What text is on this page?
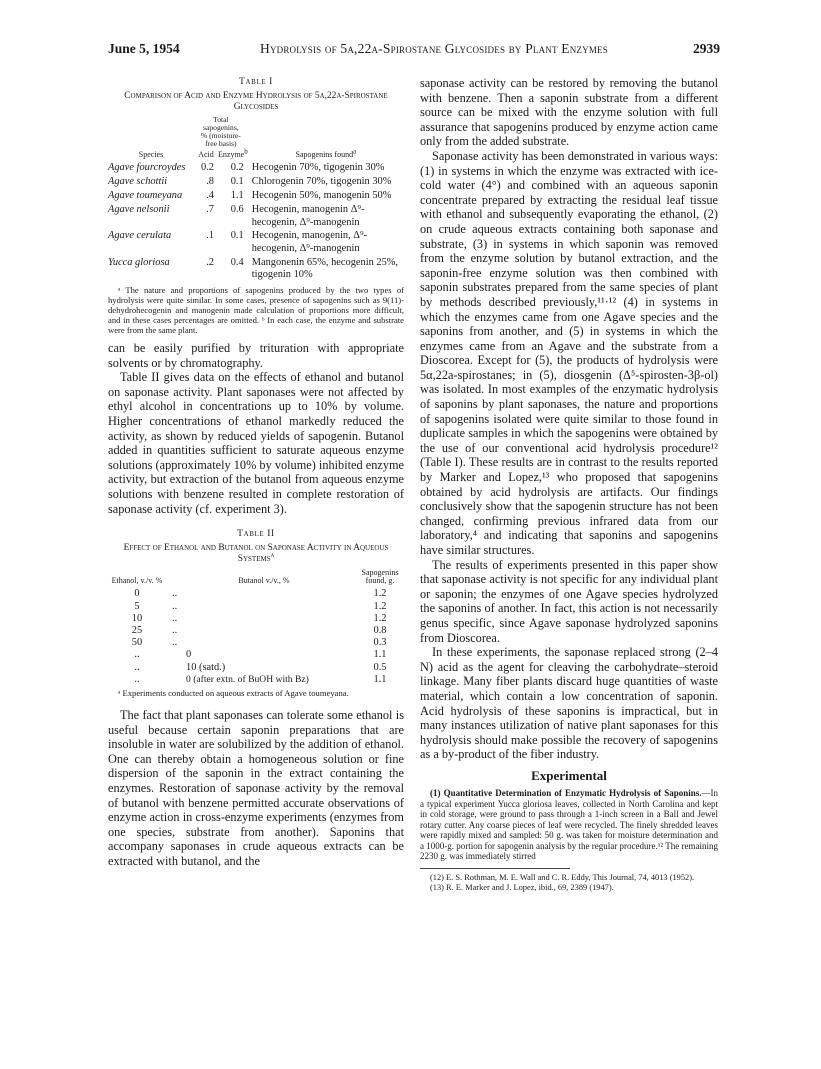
June 5, 1954	Hydrolysis of 5α,22a-Spirostane Glycosides by Plant Enzymes	2939
Table I
Comparison of Acid and Enzyme Hydrolysis of 5α,22a-Spirostane Glycosides
	Total sapogenins, % (moisture-free basis)		
Species	Acid	Enzyme$^b$	Sapogenins found$^a$

Agave fourcroydes	0.2	0.2	Hecogenin 70%, tigogenin 30%
Agave schottii	.8	0.1	Chlorogenin 70%, tigogenin 30%
Agave toumeyana	.4	1.1	Hecogenin 50%, manogenin 50%
Agave nelsonii	.7	0.6	Hecogenin, manogenin Δ⁹-hecogenin, Δ⁹-manogenin
Agave cerulata	.1	0.1	Hecogenin, manogenin, Δ⁹-hecogenin, Δ⁹-manogenin
Yucca gloriosa	.2	0.4	Mangonenin 65%, hecogenin 25%, tigogenin 10%

ᵃ The nature and proportions of sapogenins produced by the two types of hydrolysis were quite similar. In some cases, presence of sapogenins such as 9(11)-dehydrohecogenin and manogenin made calculation of proportions more difficult, and in these cases percentages are omitted. ᵇ In each case, the enzyme and substrate were from the same plant.

can be easily purified by trituration with appropriate solvents or by chromatography.

Table II gives data on the effects of ethanol and butanol on saponase activity. Plant saponases were not affected by ethyl alcohol in concentrations up to 10% by volume. Higher concentrations of ethanol markedly reduced the activity, as shown by reduced yields of sapogenin. Butanol added in quantities sufficient to saturate aqueous enzyme solutions (approximately 10% by volume) inhibited enzyme activity, but extraction of the butanol from aqueous enzyme solutions with benzene resulted in complete restoration of saponase activity (cf. experiment 3).

Table II
Effect of Ethanol and Butanol on Saponase Activity in Aqueous Systems$^a$
Ethanol, v./v. %	Butanol v./v., %	Sapogenins found, g.

0	..	1.2
5	..	1.2
10	..	1.2
25	..	0.8
50	..	0.3
..	0	1.1
..	10 (satd.)	0.5
..	0 (after extn. of BuOH with Bz)	1.1

ᵃ Experiments conducted on aqueous extracts of Agave toumeyana.

The fact that plant saponases can tolerate some ethanol is useful because certain saponin preparations that are insoluble in water are solubilized by the addition of ethanol. One can thereby obtain a homogeneous solution or fine dispersion of the saponin in the extract containing the enzymes. Restoration of saponase activity by the removal of butanol with benzene permitted accurate observations of enzyme action in cross-enzyme experiments (enzymes from one species, substrate from another). Saponins that accompany saponases in crude aqueous extracts can be extracted with butanol, and the

saponase activity can be restored by removing the butanol with benzene. Then a saponin substrate from a different source can be mixed with the enzyme solution with full assurance that sapogenins produced by enzyme action came only from the added substrate.

Saponase activity has been demonstrated in various ways: (1) in systems in which the enzyme was extracted with ice-cold water (4°) and combined with an aqueous saponin concentrate prepared by extracting the residual leaf tissue with ethanol and subsequently evaporating the ethanol, (2) on crude aqueous extracts containing both saponase and substrate, (3) in systems in which saponin was removed from the enzyme solution by butanol extraction, and the saponin-free enzyme solution was then combined with saponin substrates prepared from the same species of plant by methods described previously,¹¹·¹² (4) in systems in which the enzymes came from one Agave species and the saponins from another, and (5) in systems in which the enzymes came from an Agave and the substrate from a Dioscorea. Except for (5), the products of hydrolysis were 5α,22a-spirostanes; in (5), diosgenin (Δ⁵-spirosten-3β-ol) was isolated. In most examples of the enzymatic hydrolysis of saponins by plant saponases, the nature and proportions of sapogenins isolated were quite similar to those found in duplicate samples in which the sapogenins were obtained by the use of our conventional acid hydrolysis procedure¹² (Table I). These results are in contrast to the results reported by Marker and Lopez,¹³ who proposed that sapogenins obtained by acid hydrolysis are artifacts. Our findings conclusively show that the sapogenin structure has not been changed, confirming previous infrared data from our laboratory,⁴ and indicating that saponins and sapogenins have similar structures.

The results of experiments presented in this paper show that saponase activity is not specific for any individual plant or saponin; the enzymes of one Agave species hydrolyzed the saponins of another. In fact, this action is not necessarily genus specific, since Agave saponase hydrolyzed saponins from Dioscorea.

In these experiments, the saponase replaced strong (2–4 N) acid as the agent for cleaving the carbohydrate–steroid linkage. Many fiber plants discard huge quantities of waste material, which contain a low concentration of saponin. Acid hydrolysis of these saponins is impractical, but in many instances utilization of native plant saponases for this hydrolysis should make possible the recovery of sapogenins as a by-product of the fiber industry.

Experimental

(1) Quantitative Determination of Enzymatic Hydrolysis of Saponins.—In a typical experiment Yucca gloriosa leaves, collected in North Carolina and kept in cold storage, were ground to pass through a 1-inch screen in a Ball and Jewel rotary cutter. Any coarse pieces of leaf were recycled. The finely shredded leaves were rapidly mixed and sampled: 50 g. was taken for moisture determination and a 1000-g. portion for sapogenin analysis by the regular procedure.¹² The remaining 2230 g. was immediately stirred

(12) E. S. Rothman, M. E. Wall and C. R. Eddy, This Journal, 74, 4013 (1952).

(13) R. E. Marker and J. Lopez, ibid., 69, 2389 (1947).
